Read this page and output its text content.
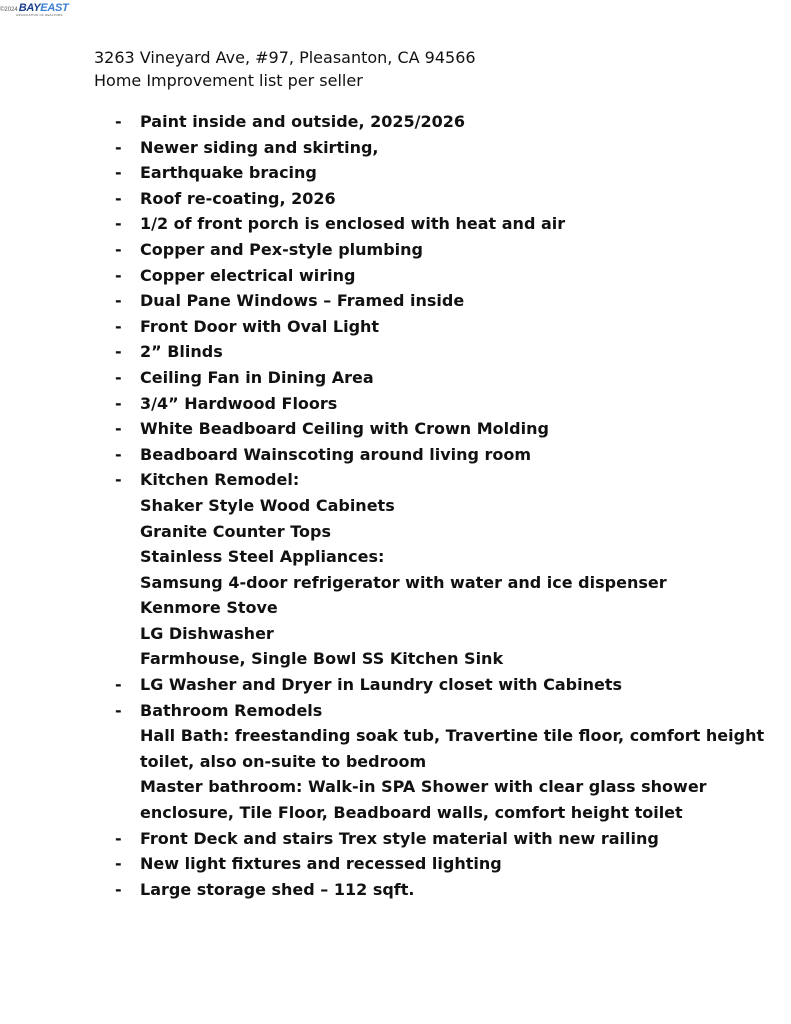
©2024 BAYEAST
ASSOCIATION OF REALTORS
3263 Vineyard Ave, #97, Pleasanton, CA 94566
Home Improvement list per seller
- Paint inside and outside, 2025/2026
- Newer siding and skirting,
- Earthquake bracing
- Roof re-coating, 2026
- 1/2 of front porch is enclosed with heat and air
- Copper and Pex-style plumbing
- Copper electrical wiring
- Dual Pane Windows – Framed inside
- Front Door with Oval Light
- 2” Blinds
- Ceiling Fan in Dining Area
- 3/4” Hardwood Floors
- White Beadboard Ceiling with Crown Molding
- Beadboard Wainscoting around living room
- Kitchen Remodel:
Shaker Style Wood Cabinets
Granite Counter Tops
Stainless Steel Appliances:
Samsung 4-door refrigerator with water and ice dispenser
Kenmore Stove
LG Dishwasher
Farmhouse, Single Bowl SS Kitchen Sink
- LG Washer and Dryer in Laundry closet with Cabinets
- Bathroom Remodels
Hall Bath: freestanding soak tub, Travertine tile floor, comfort height
toilet, also on-suite to bedroom
Master bathroom: Walk-in SPA Shower with clear glass shower
enclosure, Tile Floor, Beadboard walls, comfort height toilet
- Front Deck and stairs Trex style material with new railing
- New light fixtures and recessed lighting
- Large storage shed – 112 sqft.
